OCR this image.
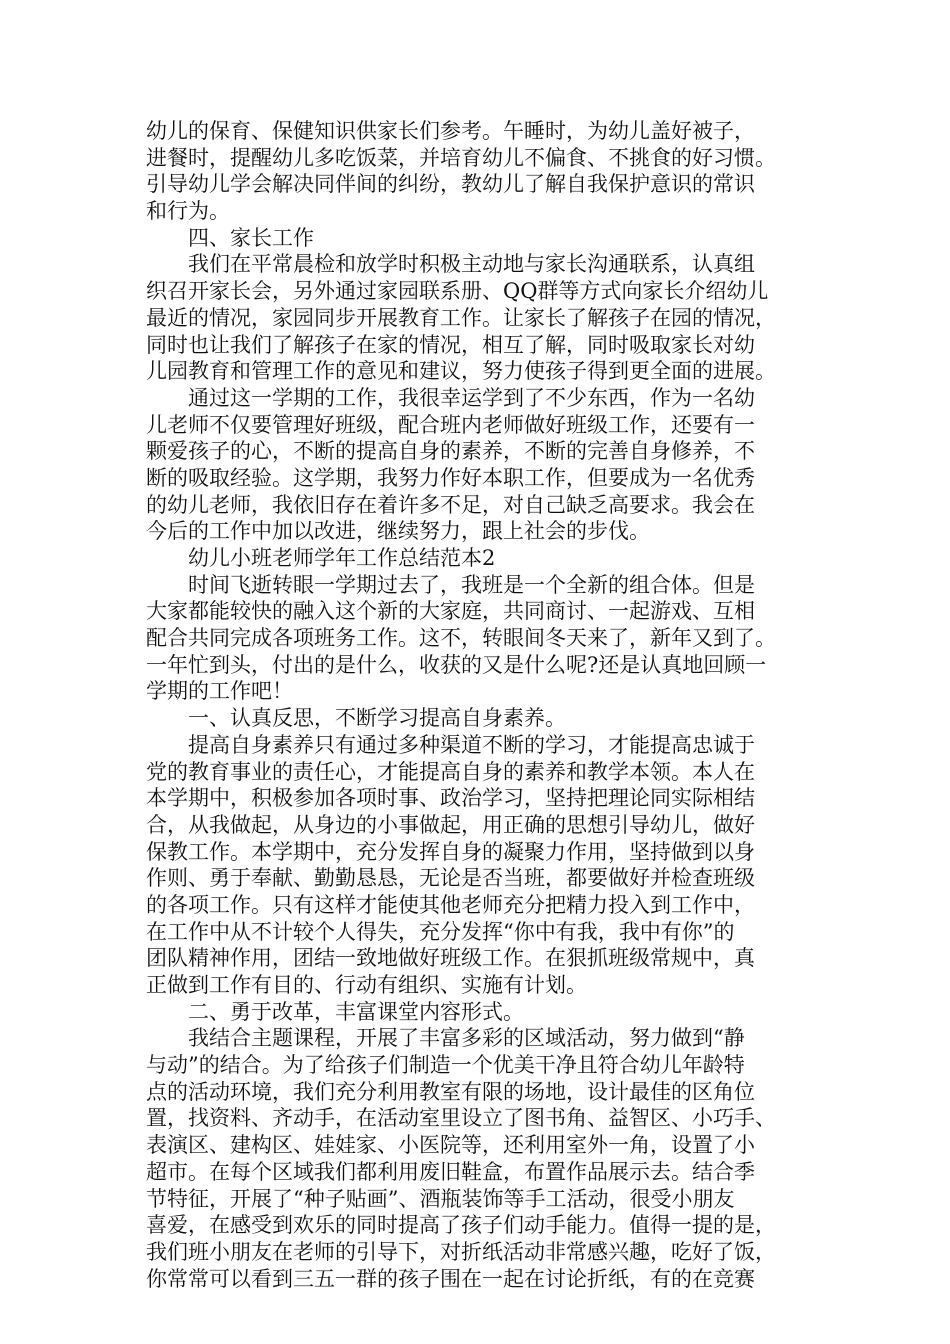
幼儿的保育、保健知识供家长们参考。午睡时，为幼儿盖好被子，
进餐时，提醒幼儿多吃饭菜，并培育幼儿不偏食、不挑食的好习惯。
引导幼儿学会解决同伴间的纠纷，教幼儿了解自我保护意识的常识
和行为。
　　四、家长工作
　　我们在平常晨检和放学时积极主动地与家长沟通联系，认真组
织召开家长会，另外通过家园联系册、QQ群等方式向家长介绍幼儿
最近的情况，家园同步开展教育工作。让家长了解孩子在园的情况，
同时也让我们了解孩子在家的情况，相互了解，同时吸取家长对幼
儿园教育和管理工作的意见和建议，努力使孩子得到更全面的进展。
　　通过这一学期的工作，我很幸运学到了不少东西，作为一名幼
儿老师不仅要管理好班级，配合班内老师做好班级工作，还要有一
颗爱孩子的心，不断的提高自身的素养，不断的完善自身修养，不
断的吸取经验。这学期，我努力作好本职工作，但要成为一名优秀
的幼儿老师，我依旧存在着许多不足，对自己缺乏高要求。我会在
今后的工作中加以改进，继续努力，跟上社会的步伐。
　　幼儿小班老师学年工作总结范本2
　　时间飞逝转眼一学期过去了，我班是一个全新的组合体。但是
大家都能较快的融入这个新的大家庭，共同商讨、一起游戏、互相
配合共同完成各项班务工作。这不，转眼间冬天来了，新年又到了。
一年忙到头，付出的是什么，收获的又是什么呢?还是认真地回顾一
学期的工作吧！
　　一、认真反思，不断学习提高自身素养。
　　提高自身素养只有通过多种渠道不断的学习，才能提高忠诚于
党的教育事业的责任心，才能提高自身的素养和教学本领。本人在
本学期中，积极参加各项时事、政治学习，坚持把理论同实际相结
合，从我做起，从身边的小事做起，用正确的思想引导幼儿，做好
保教工作。本学期中，充分发挥自身的凝聚力作用，坚持做到以身
作则、勇于奉献、勤勤恳恳，无论是否当班，都要做好并检查班级
的各项工作。只有这样才能使其他老师充分把精力投入到工作中，
在工作中从不计较个人得失，充分发挥“你中有我，我中有你”的
团队精神作用，团结一致地做好班级工作。在狠抓班级常规中，真
正做到工作有目的、行动有组织、实施有计划。
　　二、勇于改革，丰富课堂内容形式。
　　我结合主题课程，开展了丰富多彩的区域活动，努力做到“静
与动”的结合。为了给孩子们制造一个优美干净且符合幼儿年龄特
点的活动环境，我们充分利用教室有限的场地，设计最佳的区角位
置，找资料、齐动手，在活动室里设立了图书角、益智区、小巧手、
表演区、建构区、娃娃家、小医院等，还利用室外一角，设置了小
超市。在每个区域我们都利用废旧鞋盒，布置作品展示去。结合季
节特征，开展了“种子贴画”、酒瓶装饰等手工活动，很受小朋友
喜爱，在感受到欢乐的同时提高了孩子们动手能力。值得一提的是，
我们班小朋友在老师的引导下，对折纸活动非常感兴趣，吃好了饭，
你常常可以看到三五一群的孩子围在一起在讨论折纸，有的在竞赛
